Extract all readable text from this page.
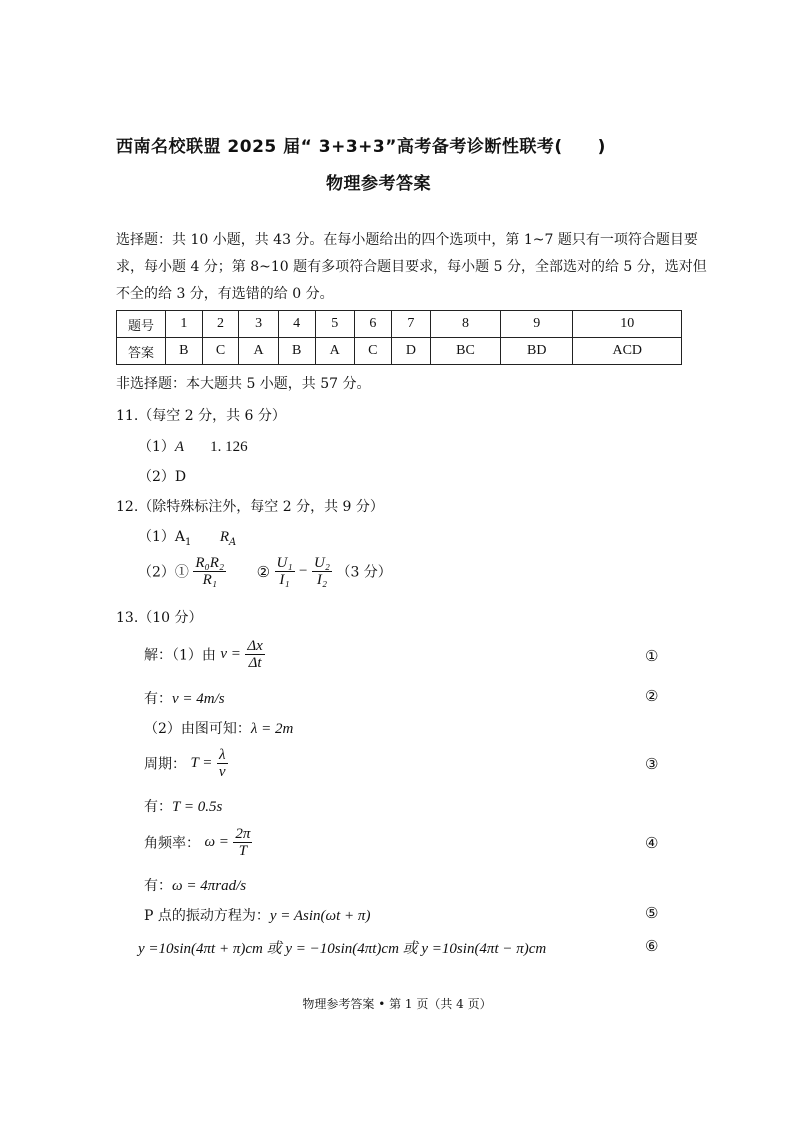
西南名校联盟 2025 届“ 3+3+3”高考备考诊断性联考(　　)
物理参考答案
选择题：共 10 小题，共 43 分。在每小题给出的四个选项中，第 1~7 题只有一项符合题目要
求，每小题 4 分；第 8~10 题有多项符合题目要求，每小题 5 分，全部选对的给 5 分，选对但
不全的给 3 分，有选错的给 0 分。
题号	1	2	3	4	5	6	7	8	9	10
答案	B	C	A	B	A	C	D	BC	BD	ACD
非选择题：本大题共 5 小题，共 57 分。
11.（每空 2 分，共 6 分）
（1）A 1. 126
（2）D
12.（除特殊标注外，每空 2 分，共 9 分）
$(1)A_1$ $R_A$
（2）① $\frac{\text{R₀R₂}}{\text{R₁}}$ ② $\frac{\text{U₁}}{\text{I₁}} - \frac{\text{U₂}}{\text{I₂}} (3$ 分）
13.（10 分）
解：（1）由 $v = \frac{\Delta x}{\Delta t}$	①
有：v = 4m/s	②
（2）由图可知：λ = 2m
周期： $T = \frac{\lambda}{v}$	③
有：T = 0.5s
角频率： $\omega = \frac{2\pi}{T}$	④
有：ω = 4πrad/s
P 点的振动方程为：y = Asin(ωt + π)	⑤
y =10sin(4πt + π)cm 或 y = −10sin(4πt)cm 或 y =10sin(4πt − π)cm	⑥
物理参考答案 • 第 1 页（共 4 页）
